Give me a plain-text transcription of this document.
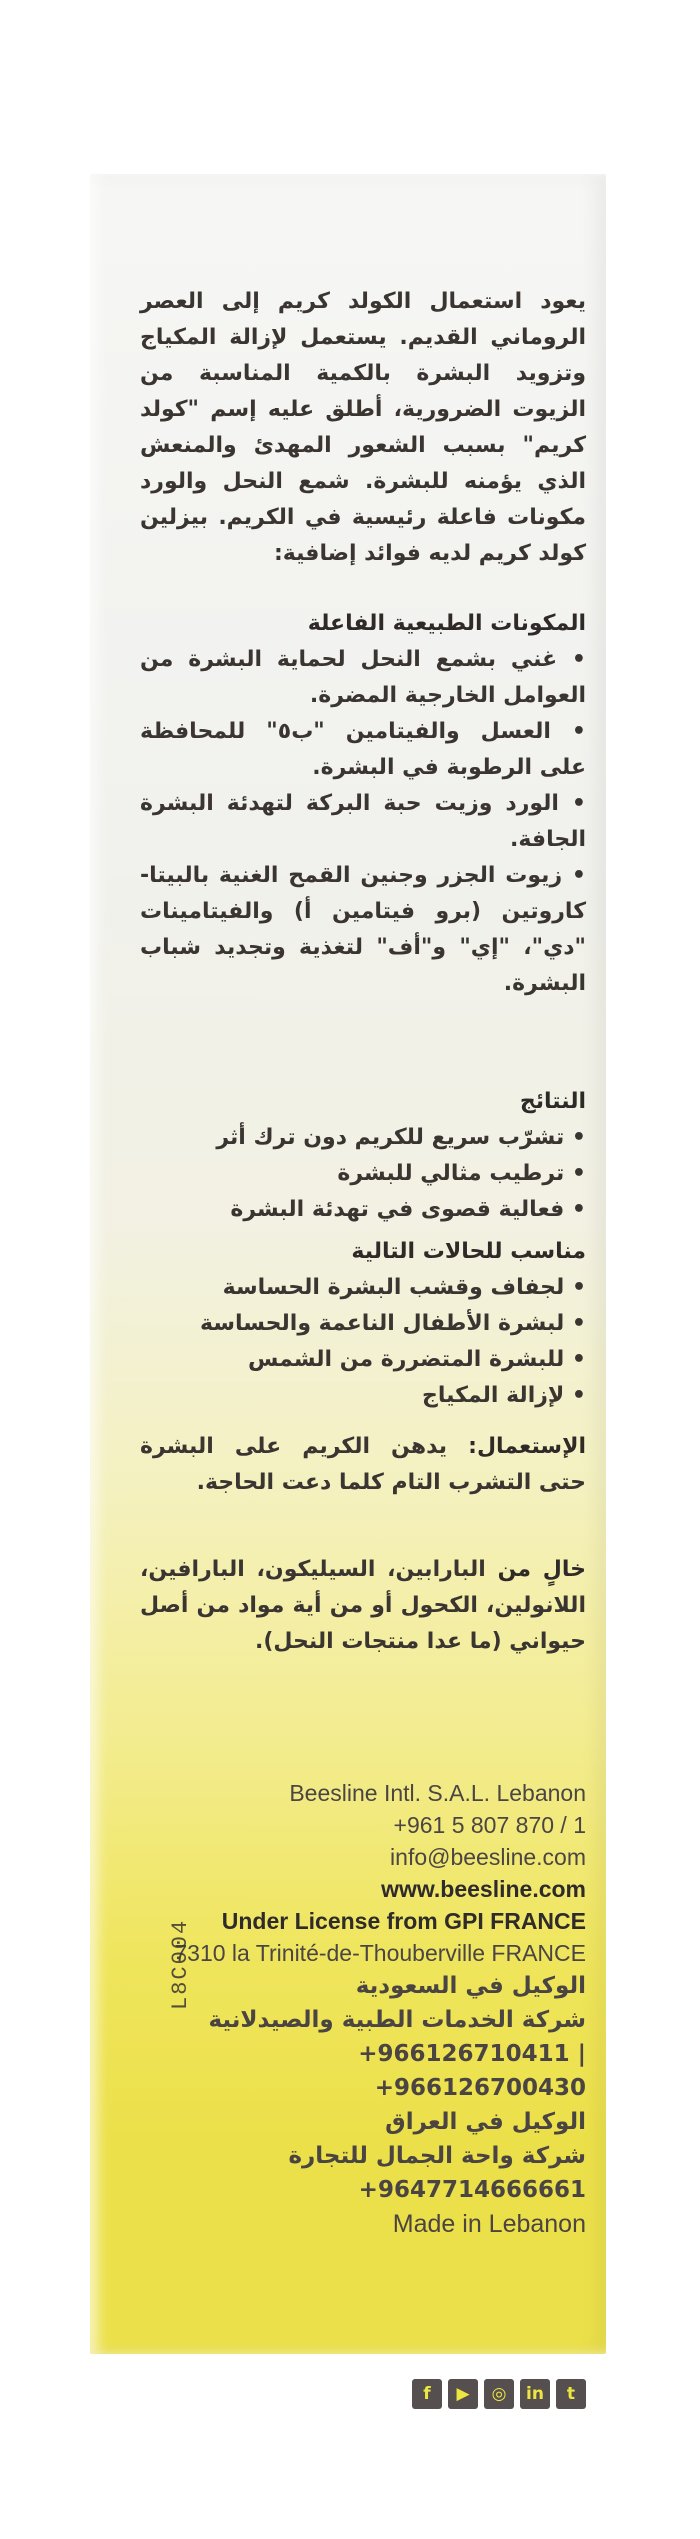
يعود استعمال الكولد كريم إلى العصر الروماني القديم. يستعمل لإزالة المكياج وتزويد البشرة بالكمية المناسبة من الزيوت الضرورية، أطلق عليه إسم "كولد كريم" بسبب الشعور المهدئ والمنعش الذي يؤمنه للبشرة. شمع النحل والورد مكونات فاعلة رئيسية في الكريم. بيزلين كولد كريم لديه فوائد إضافية:

المكونات الطبيعية الفاعلة

• غني بشمع النحل لحماية البشرة من العوامل الخارجية المضرة.

• العسل والفيتامين "ب٥" للمحافظة على الرطوبة في البشرة.

• الورد وزيت حبة البركة لتهدئة البشرة الجافة.

• زيوت الجزر وجنين القمح الغنية بالبيتا-كاروتين (برو فيتامين أ) والفيتامينات "دي"، "إي" و"أف" لتغذية وتجديد شباب البشرة.

النتائج

• تشرّب سريع للكريم دون ترك أثر

• ترطيب مثالي للبشرة

• فعالية قصوى في تهدئة البشرة

مناسب للحالات التالية

• لجفاف وقشب البشرة الحساسة

• لبشرة الأطفال الناعمة والحساسة

• للبشرة المتضررة من الشمس

• لإزالة المكياج

الإستعمال: يدهن الكريم على البشرة حتى التشرب التام كلما دعت الحاجة.

خالٍ من البارابين، السيليكون، البارافين، اللانولين، الكحول أو من أية مواد من أصل حيواني (ما عدا منتجات النحل).

Beesline Intl. S.A.L. Lebanon
+961 5 807 870 / 1
info@beesline.com
www.beesline.com
Under License from GPI FRANCE
7310 la Trinité-de-Thouberville FRANCE
الوكيل في السعودية
شركة الخدمات الطبية والصيدلانية
+966126710411 | +966126700430
الوكيل في العراق
شركة واحة الجمال للتجارة
+9647714666661
Made in Lebanon
f	▶	◎	in	t
L8C004
